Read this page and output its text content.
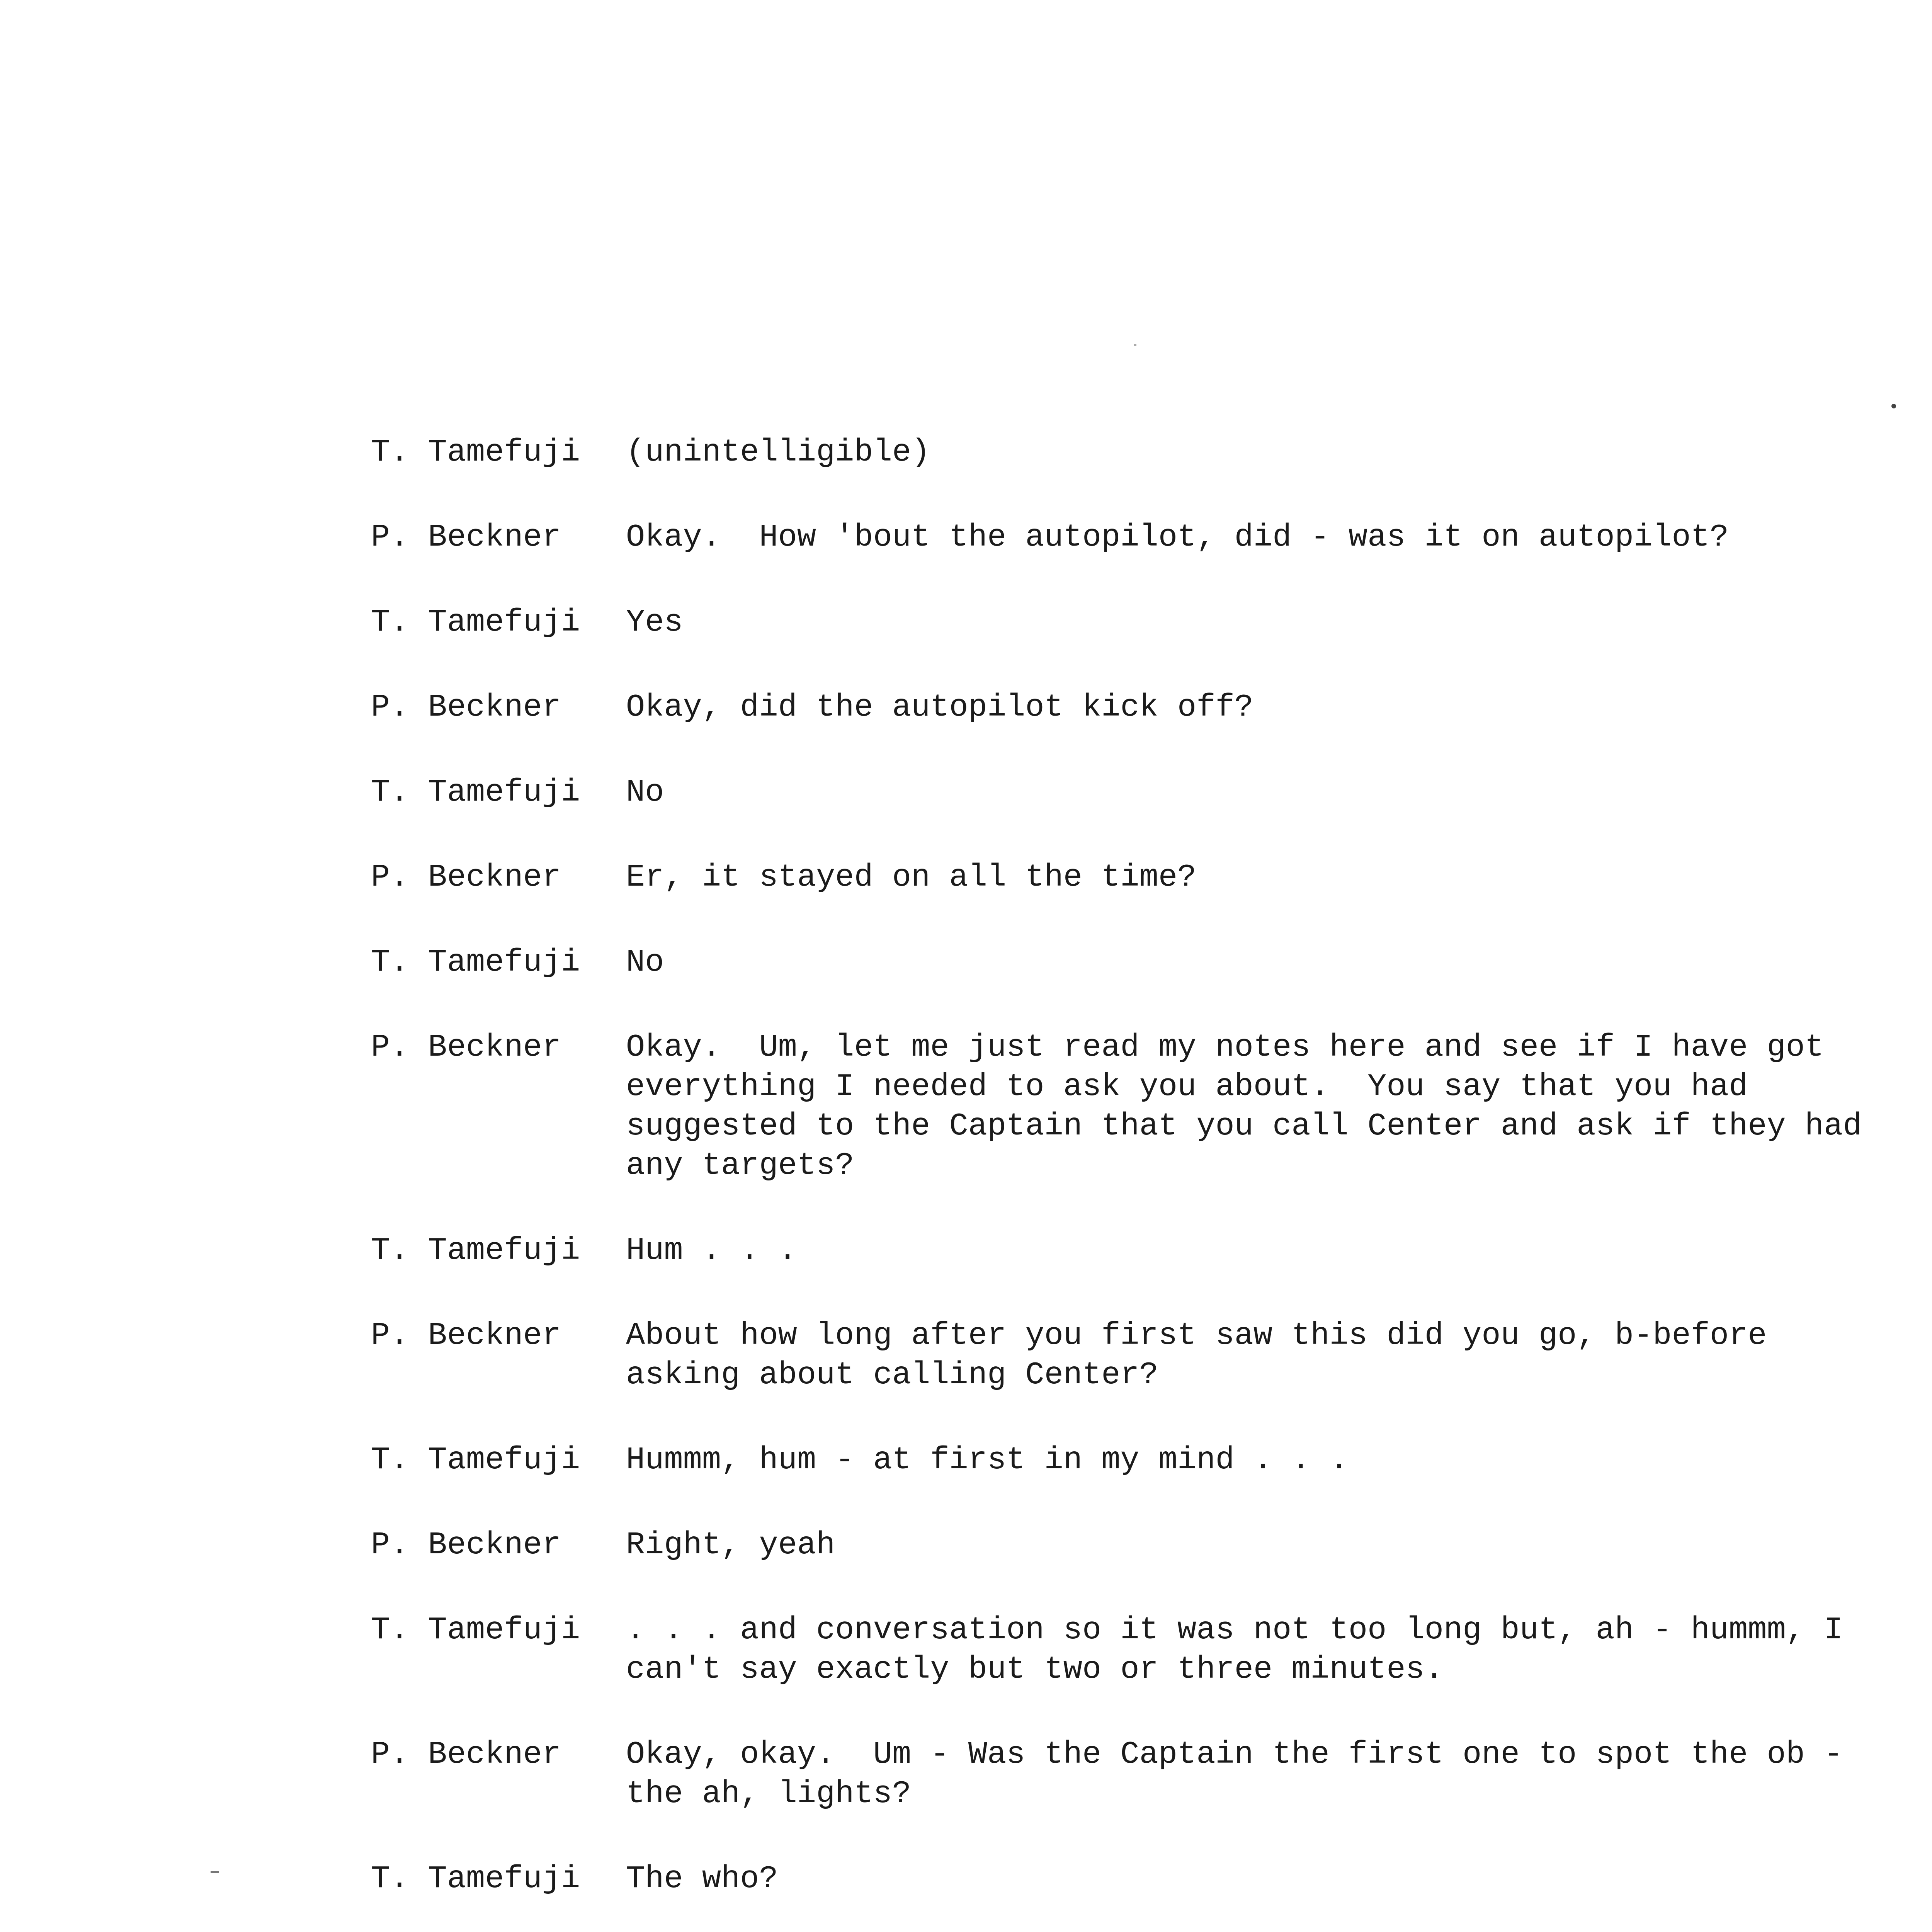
T. Tamefuji	(unintelligible)
P. Beckner	Okay.  How 'bout the autopilot, did - was it on autopilot?
T. Tamefuji	Yes
P. Beckner	Okay, did the autopilot kick off?
T. Tamefuji	No
P. Beckner	Er, it stayed on all the time?
T. Tamefuji	No
P. Beckner	Okay.  Um, let me just read my notes here and see if I have got
everything I needed to ask you about.  You say that you had
suggested to the Captain that you call Center and ask if they had
any targets?
T. Tamefuji	Hum . . .
P. Beckner	About how long after you first saw this did you go, b-before
asking about calling Center?
T. Tamefuji	Hummm, hum - at first in my mind . . .
P. Beckner	Right, yeah
T. Tamefuji	. . . and conversation so it was not too long but, ah - hummm, I
can't say exactly but two or three minutes.
P. Beckner	Okay, okay.  Um - Was the Captain the first one to spot the ob -
the ah, lights?
T. Tamefuji	The who?
